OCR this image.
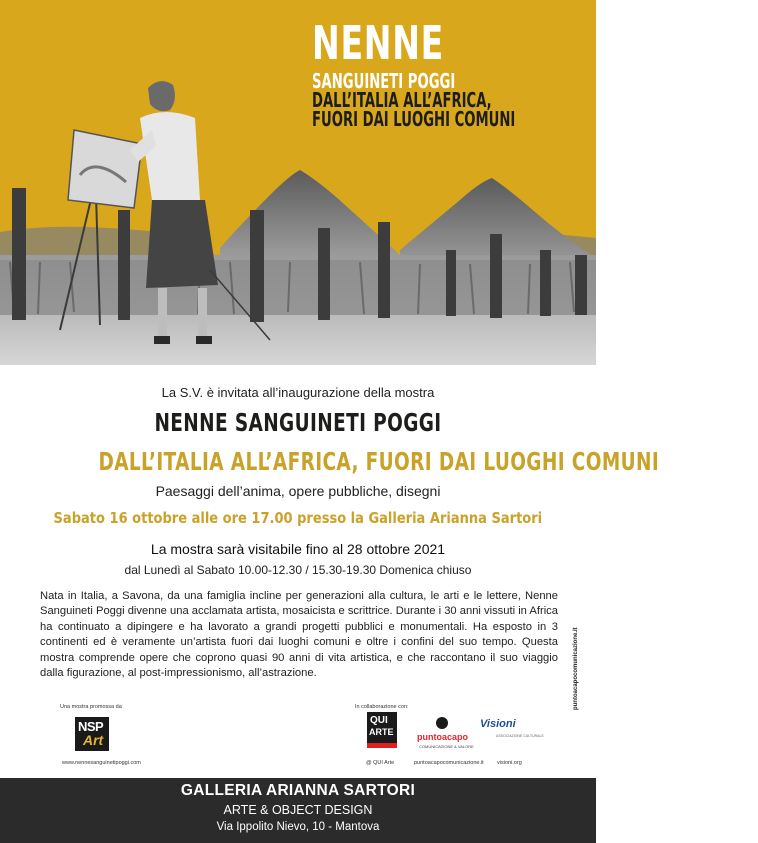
NENNE
SANGUINETI POGGI
DALL’ITALIA ALL’AFRICA,
FUORI DAI LUOGHI COMUNI
La S.V. è invitata all’inaugurazione della mostra
NENNE SANGUINETI POGGI
DALL’ITALIA ALL’AFRICA, FUORI DAI LUOGHI COMUNI
Paesaggi dell’anima, opere pubbliche, disegni
Sabato 16 ottobre alle ore 17.00 presso la Galleria Arianna Sartori
La mostra sarà visitabile fino al 28 ottobre 2021
dal Lunedì al Sabato 10.00-12.30 / 15.30-19.30 Domenica chiuso
Nata in Italia, a Savona, da una famiglia incline per generazioni alla cultura, le arti e le lettere, Nenne Sanguineti Poggi divenne una acclamata artista, mosaicista e scrittrice. Durante i 30 anni vissuti in Africa ha continuato a dipingere e ha lavorato a grandi progetti pubblici e monumentali. Ha esposto in 3 continenti ed è veramente un’artista fuori dai luoghi comuni e oltre i confini del suo tempo. Questa mostra comprende opere che coprono quasi 90 anni di vita artistica, e che raccontano il suo viaggio dalla figurazione, al post-impressionismo, all’astrazione.	puntoacapocomunicazione.it
Una mostra promossa da
NSP
Art
www.nennesanguinetipoggi.com
In collaborazione con:
QUI
ARTE
@ QUI Arte
puntoacapo
COMUNICAZIONE & VALORE
puntoacapocomunicazione.it
Visioni
ASSOCIAZIONE CULTURALE
visioni.org
GALLERIA ARIANNA SARTORI
ARTE & OBJECT DESIGN
Via Ippolito Nievo, 10 - Mantova
